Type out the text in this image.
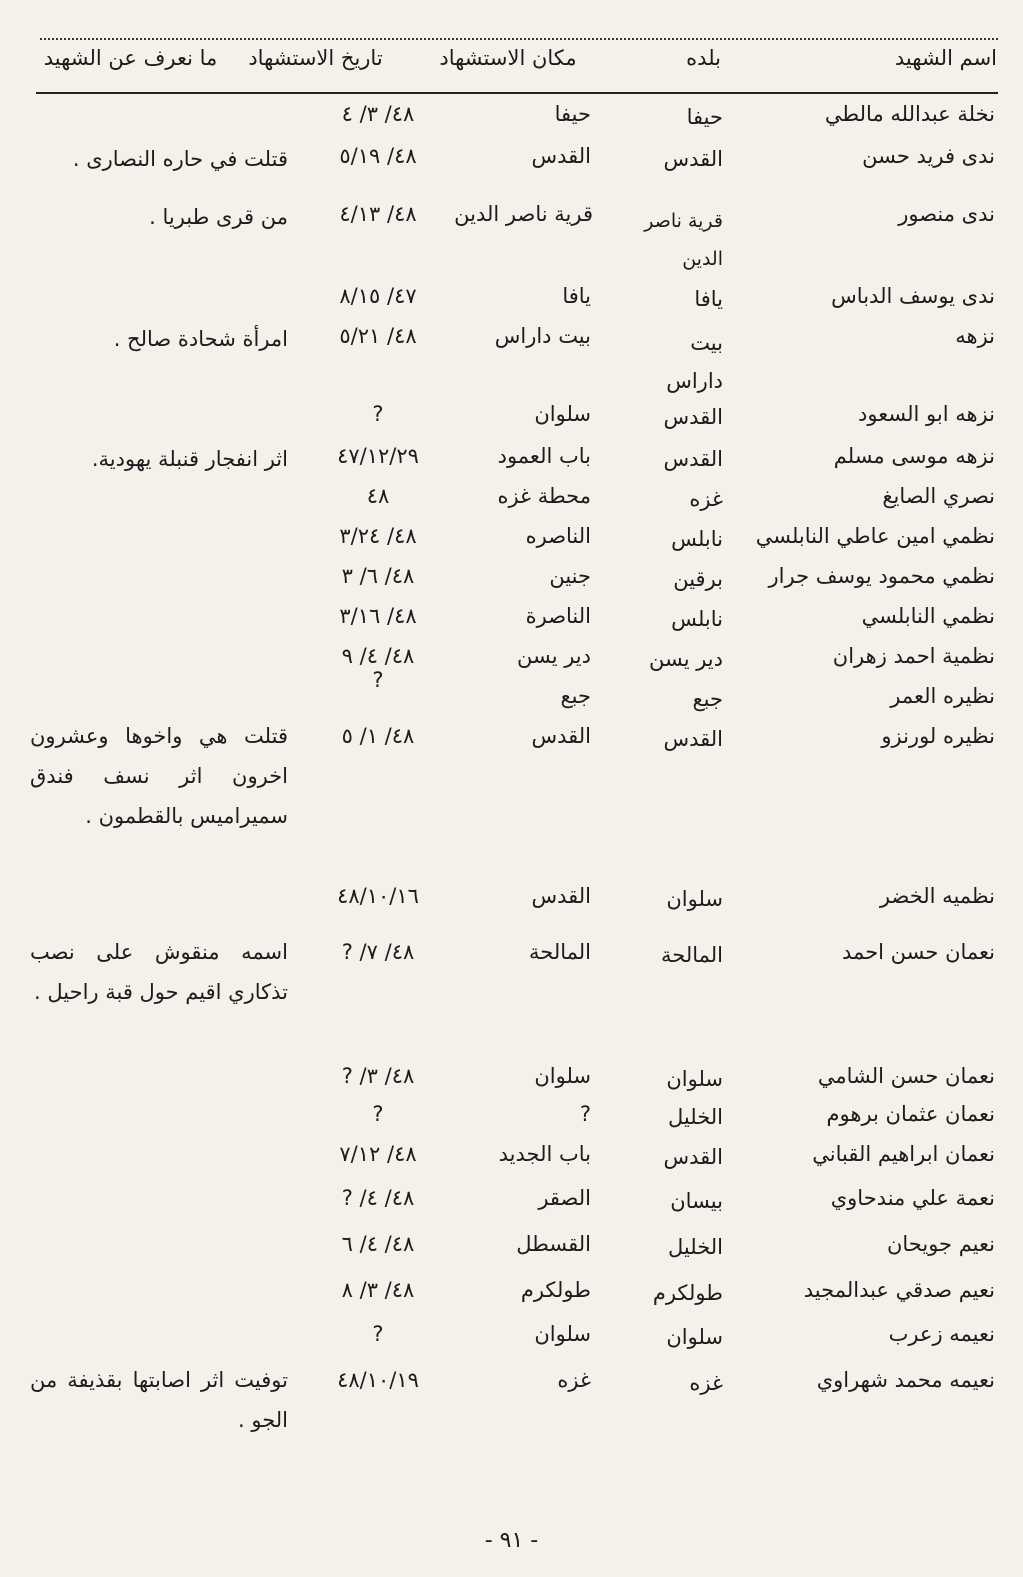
اسم الشهيد
بلده
مكان الاستشهاد
تاريخ الاستشهاد
ما نعرف عن الشهيد
نخلة عبدالله مالطي
حيفا
حيفا
٤٨/ ٣/ ٤
ندى فريد حسن
القدس
القدس
٤٨/ ٥/١٩
قتلت في حاره النصارى .
ندى منصور
قرية ناصر الدين
قرية ناصر الدين
٤٨/ ٤/١٣
من قرى طبريا .
ندى يوسف الدباس
يافا
يافا
٤٧/ ٨/١٥
نزهه
بيت داراس
بيت داراس
٤٨/ ٥/٢١
امرأة شحادة صالح .
نزهه ابو السعود
القدس
سلوان
?
نزهه موسى مسلم
القدس
باب العمود
٤٧/١٢/٢٩
اثر انفجار قنبلة يهودية.
نصري الصايغ
غزه
محطة غزه
٤٨
نظمي امين عاطي النابلسي
نابلس
الناصره
٤٨/ ٣/٢٤
نظمي محمود يوسف جرار
برقين
جنين
٤٨/ ٦/ ٣
نظمي النابلسي
نابلس
الناصرة
٤٨/ ٣/١٦
نظمية احمد زهران
دير يسن
دير يسن
٤٨/ ٤/ ٩
نظيره العمر
جبع
جبع
?
نظيره لورنزو
القدس
القدس
٤٨/ ١/ ٥
قتلت هي واخوها وعشرون اخرون اثر نسف فندق سميراميس بالقطمون .
نظميه الخضر
سلوان
القدس
٤٨/١٠/١٦
نعمان حسن احمد
المالحة
المالحة
٤٨/ ٧/ ?
اسمه منقوش على نصب تذكاري اقيم حول قبة راحيل .
نعمان حسن الشامي
سلوان
سلوان
٤٨/ ٣/ ?
نعمان عثمان برهوم
الخليل
?
?
نعمان ابراهيم القباني
القدس
باب الجديد
٤٨/ ٧/١٢
نعمة علي مندحاوي
بيسان
الصقر
٤٨/ ٤/ ?
نعيم جويحان
الخليل
القسطل
٤٨/ ٤/ ٦
نعيم صدقي عبدالمجيد
طولكرم
طولكرم
٤٨/ ٣/ ٨
نعيمه زعرب
سلوان
سلوان
?
نعيمه محمد شهراوي
غزه
غزه
٤٨/١٠/١٩
توفيت اثر اصابتها بقذيفة من الجو .
- ٩١ -
